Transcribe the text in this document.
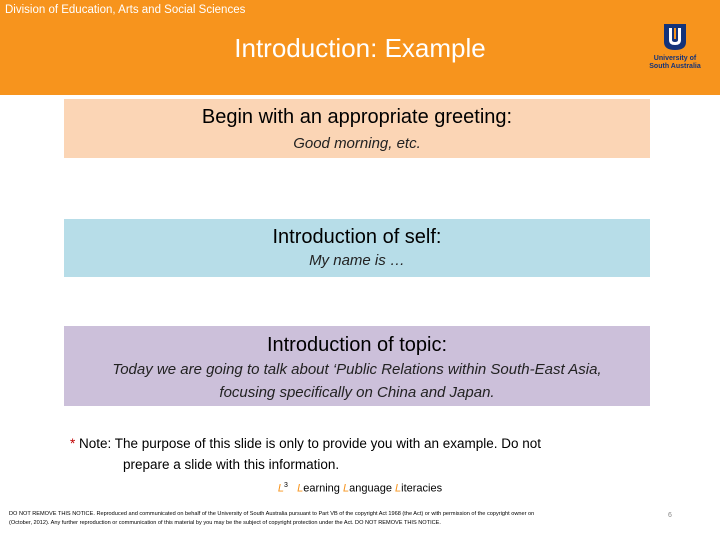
Division of Education, Arts and Social Sciences
Introduction: Example	University of
South Australia
Begin with an appropriate greeting:
Good morning, etc.
Introduction of self:
My name is …
Introduction of topic:
Today we are going to talk about ‘Public Relations within South-East Asia,
focusing specifically on China and Japan.
* Note: The purpose of this slide is only to provide you with an example. Do not
prepare a slide with this information.
$L^3$ Learning Language Literacies
DO NOT REMOVE THIS NOTICE. Reproduced and communicated on behalf of the University of South Australia pursuant to Part VB of the copyright Act 1968 (the Act) or with permission of the copyright owner on
(October, 2012). Any further reproduction or communication of this material by you may be the subject of copyright protection under the Act. DO NOT REMOVE THIS NOTICE.
6
